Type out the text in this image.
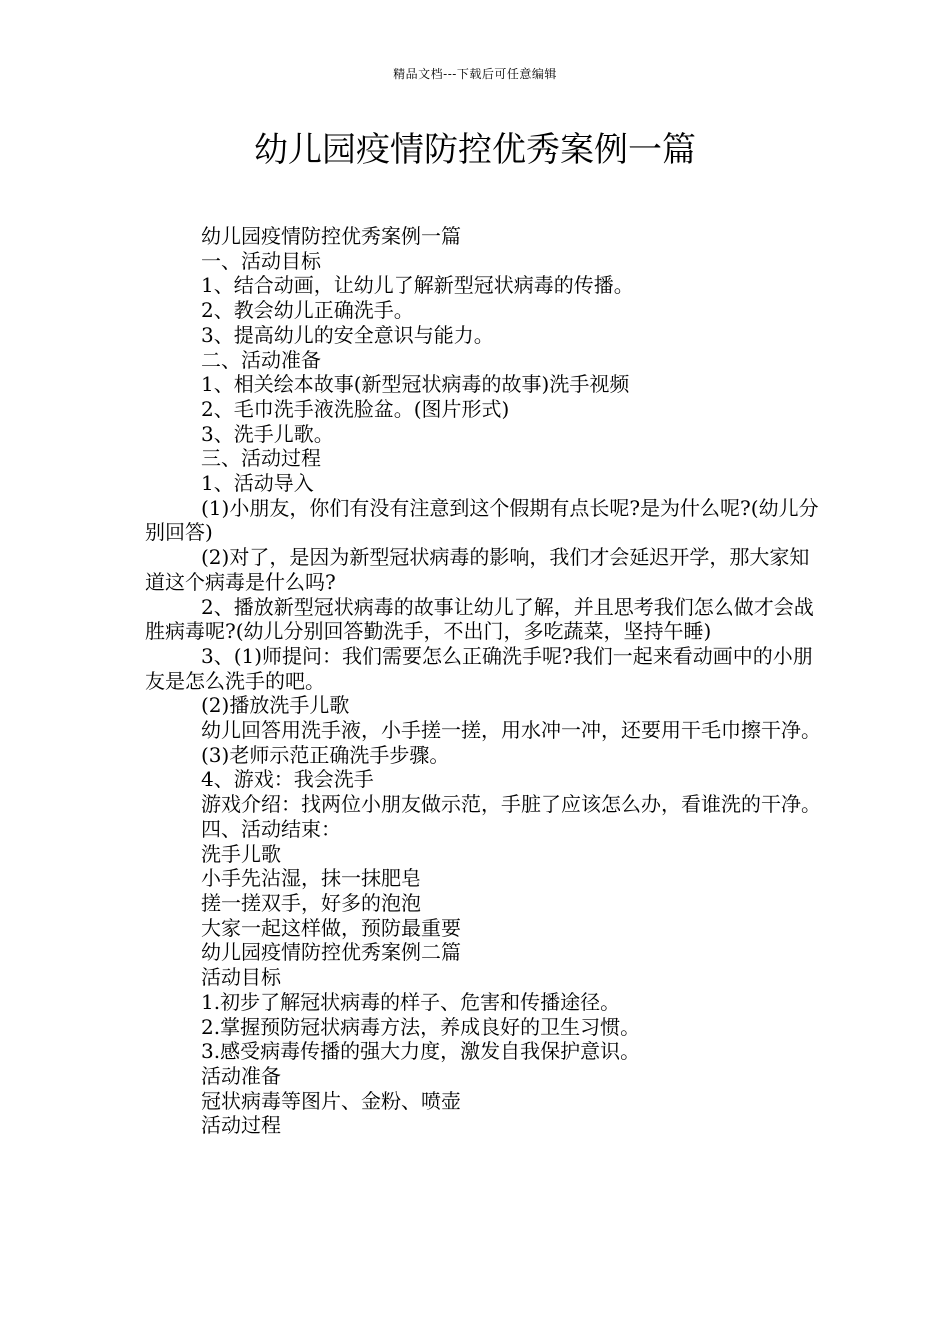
精品文档---下载后可任意编辑
幼儿园疫情防控优秀案例一篇

幼儿园疫情防控优秀案例一篇

一、活动目标

1、结合动画，让幼儿了解新型冠状病毒的传播。

2、教会幼儿正确洗手。

3、提高幼儿的安全意识与能力。

二、活动准备

1、相关绘本故事(新型冠状病毒的故事)洗手视频

2、毛巾洗手液洗脸盆。(图片形式)

3、洗手儿歌。

三、活动过程

1、活动导入

(1)小朋友，你们有没有注意到这个假期有点长呢?是为什么呢?(幼儿分别回答)

(2)对了，是因为新型冠状病毒的影响，我们才会延迟开学，那大家知道这个病毒是什么吗?

2、播放新型冠状病毒的故事让幼儿了解，并且思考我们怎么做才会战胜病毒呢?(幼儿分别回答勤洗手，不出门，多吃蔬菜，坚持午睡)

3、(1)师提问：我们需要怎么正确洗手呢?我们一起来看动画中的小朋友是怎么洗手的吧。

(2)播放洗手儿歌

幼儿回答用洗手液，小手搓一搓，用水冲一冲，还要用干毛巾擦干净。

(3)老师示范正确洗手步骤。

4、游戏：我会洗手

游戏介绍：找两位小朋友做示范，手脏了应该怎么办，看谁洗的干净。

四、活动结束：

洗手儿歌

小手先沾湿，抹一抹肥皂

搓一搓双手，好多的泡泡

大家一起这样做，预防最重要

幼儿园疫情防控优秀案例二篇

活动目标

1.初步了解冠状病毒的样子、危害和传播途径。

2.掌握预防冠状病毒方法，养成良好的卫生习惯。

3.感受病毒传播的强大力度，激发自我保护意识。

活动准备

冠状病毒等图片、金粉、喷壶

活动过程
